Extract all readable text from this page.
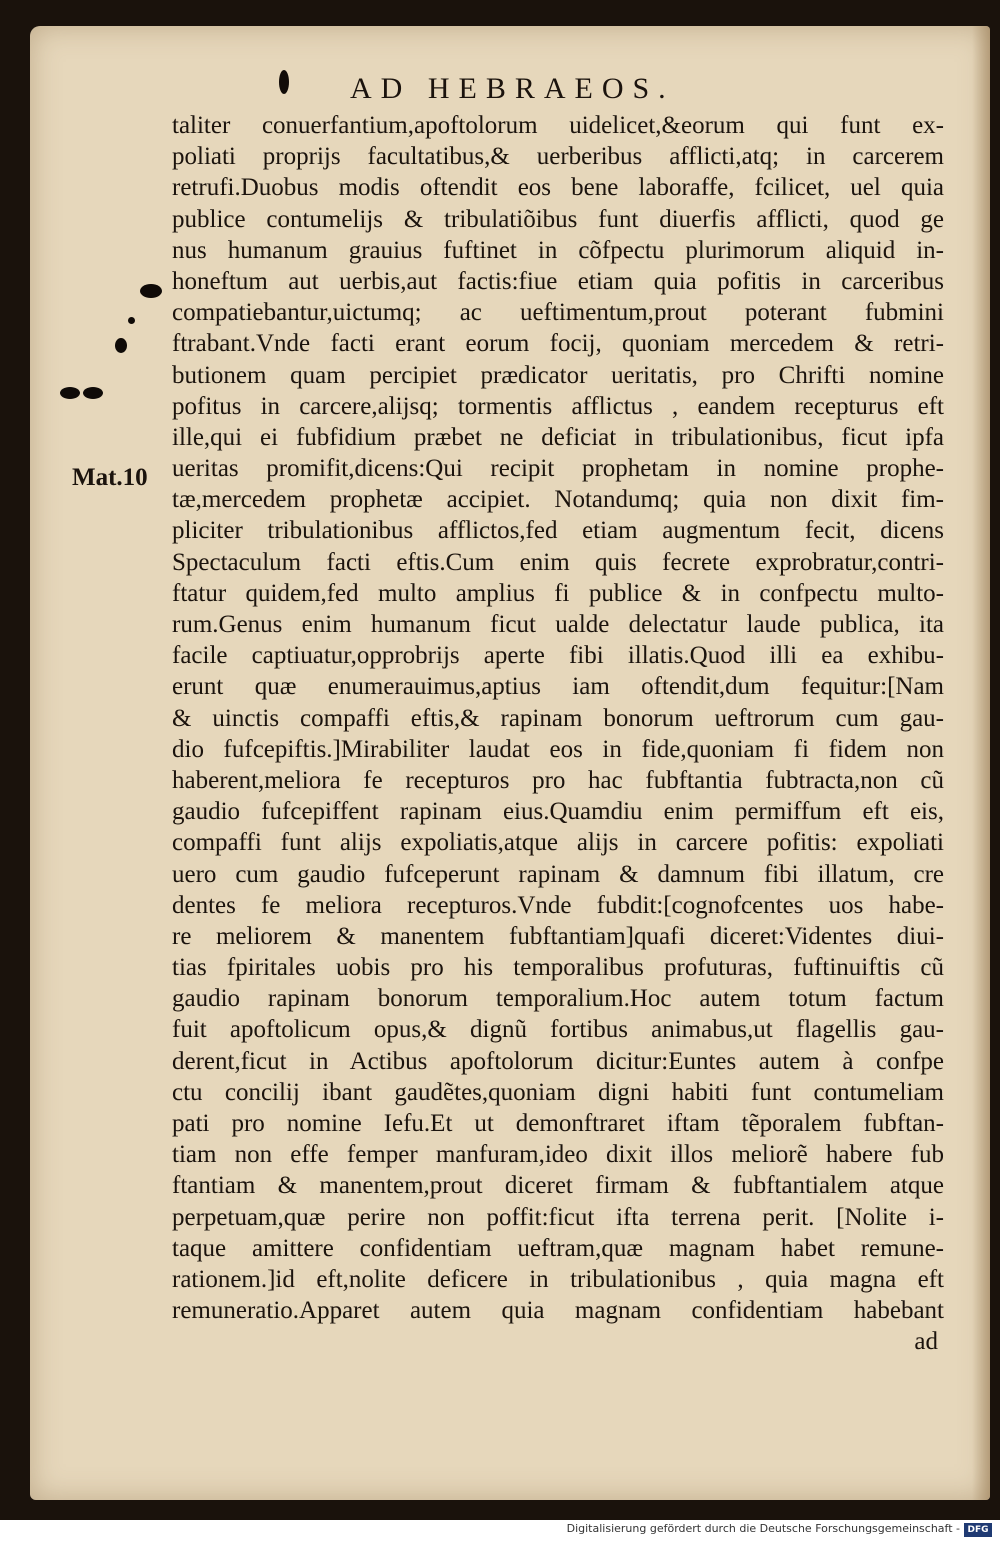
AD HEBRAEOS.
Mat.10
taliter conuerfantium,apoftolorum uidelicet,&eorum qui funt ex-
poliati proprijs facultatibus,& uerberibus afflicti,atq; in carcerem
retrufi.Duobus modis oftendit eos bene laboraffe, fcilicet, uel quia
publice contumelijs & tribulatiõibus funt diuerfis afflicti, quod ge
nus humanum grauius fuftinet in cõfpectu plurimorum aliquid in-
honeftum aut uerbis,aut factis:fiue etiam quia pofitis in carceribus
compatiebantur,uictumq; ac ueftimentum,prout poterant fubmini
ftrabant.Vnde facti erant eorum focij, quoniam mercedem & retri-
butionem quam percipiet prædicator ueritatis, pro Chrifti nomine
pofitus in carcere,alijsq; tormentis afflictus , eandem recepturus eft
ille,qui ei fubfidium præbet ne deficiat in tribulationibus, ficut ipfa
ueritas promifit,dicens:Qui recipit prophetam in nomine prophe-
tæ,mercedem prophetæ accipiet. Notandumq; quia non dixit fim-
pliciter tribulationibus afflictos,fed etiam augmentum fecit, dicens
Spectaculum facti eftis.Cum enim quis fecrete exprobratur,contri-
ftatur quidem,fed multo amplius fi publice & in confpectu multo-
rum.Genus enim humanum ficut ualde delectatur laude publica, ita
facile captiuatur,opprobrijs aperte fibi illatis.Quod illi ea exhibu-
erunt quæ enumerauimus,aptius iam oftendit,dum fequitur:[Nam
& uinctis compaffi eftis,& rapinam bonorum ueftrorum cum gau-
dio fufcepiftis.]Mirabiliter laudat eos in fide,quoniam fi fidem non
haberent,meliora fe recepturos pro hac fubftantia fubtracta,non cũ
gaudio fufcepiffent rapinam eius.Quamdiu enim permiffum eft eis,
compaffi funt alijs expoliatis,atque alijs in carcere pofitis: expoliati
uero cum gaudio fufceperunt rapinam & damnum fibi illatum, cre
dentes fe meliora recepturos.Vnde fubdit:[cognofcentes uos habe-
re meliorem & manentem fubftantiam]quafi diceret:Videntes diui-
tias fpiritales uobis pro his temporalibus profuturas, fuftinuiftis cũ
gaudio rapinam bonorum temporalium.Hoc autem totum factum
fuit apoftolicum opus,& dignũ fortibus animabus,ut flagellis gau-
derent,ficut in Actibus apoftolorum dicitur:Euntes autem à confpe
ctu concilij ibant gaudẽtes,quoniam digni habiti funt contumeliam
pati pro nomine Iefu.Et ut demonftraret iftam tẽporalem fubftan-
tiam non effe femper manfuram,ideo dixit illos meliorẽ habere fub
ftantiam & manentem,prout diceret firmam & fubftantialem atque
perpetuam,quæ perire non poffit:ficut ifta terrena perit. [Nolite i-
taque amittere confidentiam ueftram,quæ magnam habet remune-
rationem.]id eft,nolite deficere in tribulationibus , quia magna eft
remuneratio.Apparet autem quia magnam confidentiam habebant
ad
Digitalisierung gefördert durch die Deutsche Forschungsgemeinschaft - DFG
